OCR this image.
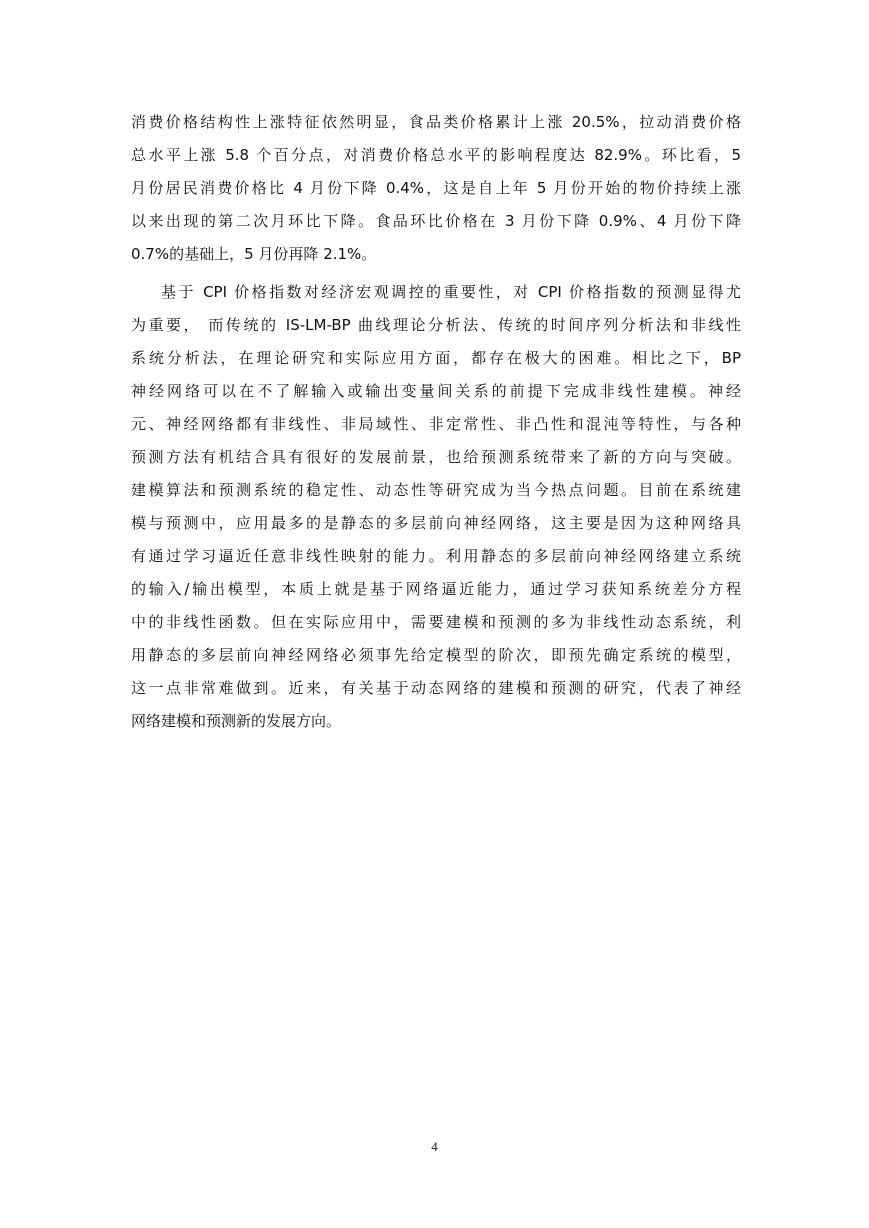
消费价格结构性上涨特征依然明显，食品类价格累计上涨 20.5%，拉动消费价格
总水平上涨 5.8 个百分点，对消费价格总水平的影响程度达 82.9%。环比看，5
月份居民消费价格比 4 月份下降 0.4%，这是自上年 5 月份开始的物价持续上涨
以来出现的第二次月环比下降。食品环比价格在 3 月份下降 0.9%、4 月份下降
0.7%的基础上，5 月份再降 2.1%。
基于 CPI 价格指数对经济宏观调控的重要性，对 CPI 价格指数的预测显得尤
为重要， 而传统的 IS-LM-BP 曲线理论分析法、传统的时间序列分析法和非线性
系统分析法，在理论研究和实际应用方面，都存在极大的困难。相比之下，BP
神经网络可以在不了解输入或输出变量间关系的前提下完成非线性建模。神经
元、神经网络都有非线性、非局域性、非定常性、非凸性和混沌等特性，与各种
预测方法有机结合具有很好的发展前景，也给预测系统带来了新的方向与突破。
建模算法和预测系统的稳定性、动态性等研究成为当今热点问题。目前在系统建
模与预测中，应用最多的是静态的多层前向神经网络，这主要是因为这种网络具
有通过学习逼近任意非线性映射的能力。利用静态的多层前向神经网络建立系统
的输入/输出模型，本质上就是基于网络逼近能力，通过学习获知系统差分方程
中的非线性函数。但在实际应用中，需要建模和预测的多为非线性动态系统，利
用静态的多层前向神经网络必须事先给定模型的阶次，即预先确定系统的模型，
这一点非常难做到。近来，有关基于动态网络的建模和预测的研究，代表了神经
网络建模和预测新的发展方向。
4
